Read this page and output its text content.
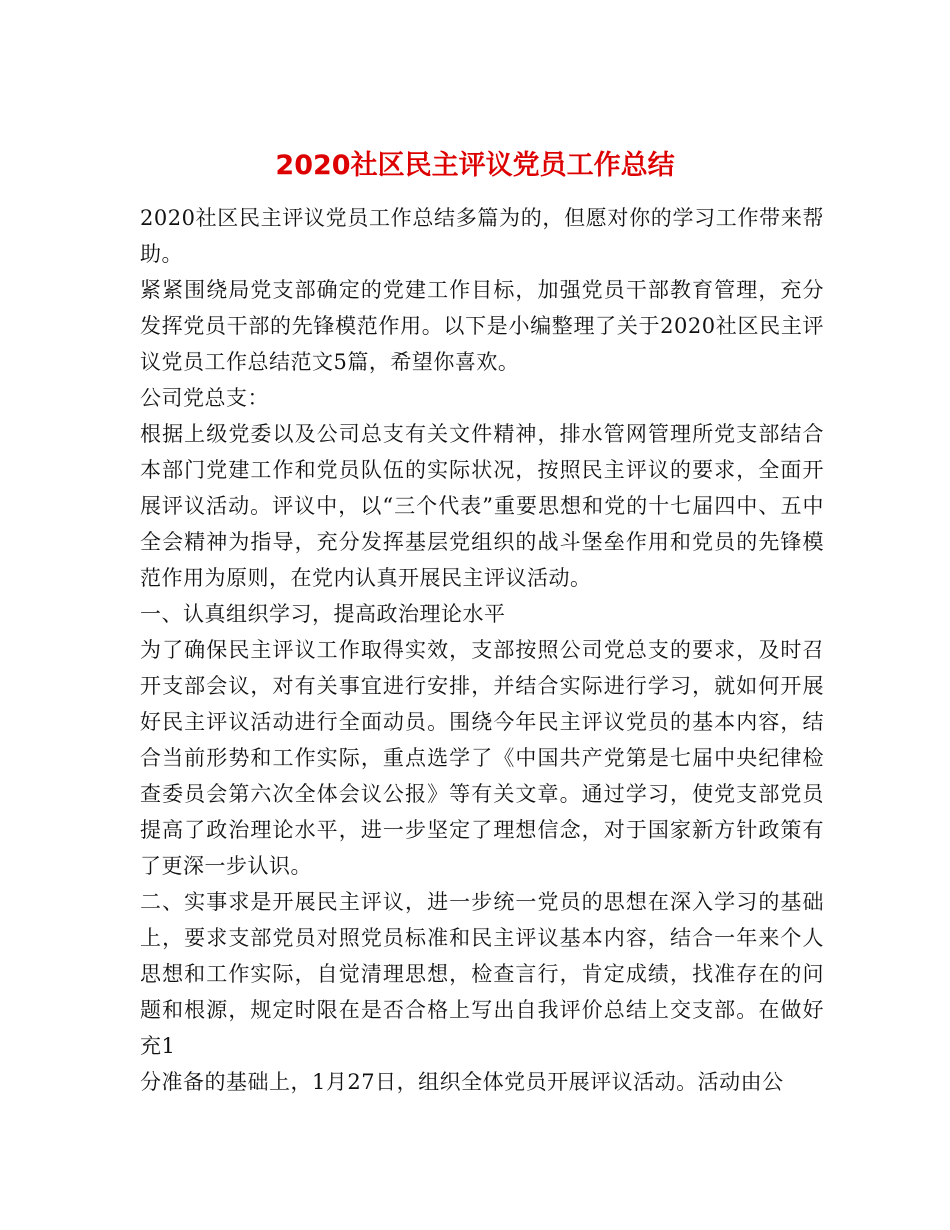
2020社区民主评议党员工作总结

2020社区民主评议党员工作总结多篇为的，但愿对你的学习工作带来帮助。

紧紧围绕局党支部确定的党建工作目标，加强党员干部教育管理，充分发挥党员干部的先锋模范作用。以下是小编整理了关于2020社区民主评议党员工作总结范文5篇，希望你喜欢。

公司党总支：

根据上级党委以及公司总支有关文件精神，排水管网管理所党支部结合本部门党建工作和党员队伍的实际状况，按照民主评议的要求，全面开展评议活动。评议中，以“三个代表”重要思想和党的十七届四中、五中全会精神为指导，充分发挥基层党组织的战斗堡垒作用和党员的先锋模范作用为原则，在党内认真开展民主评议活动。

一、认真组织学习，提高政治理论水平

为了确保民主评议工作取得实效，支部按照公司党总支的要求，及时召开支部会议，对有关事宜进行安排，并结合实际进行学习，就如何开展好民主评议活动进行全面动员。围绕今年民主评议党员的基本内容，结合当前形势和工作实际，重点选学了《中国共产党第是七届中央纪律检查委员会第六次全体会议公报》等有关文章。通过学习，使党支部党员提高了政治理论水平，进一步坚定了理想信念，对于国家新方针政策有了更深一步认识。

二、实事求是开展民主评议，进一步统一党员的思想在深入学习的基础上，要求支部党员对照党员标准和民主评议基本内容，结合一年来个人思想和工作实际，自觉清理思想，检查言行，肯定成绩，找准存在的问题和根源，规定时限在是否合格上写出自我评价总结上交支部。在做好充1

分准备的基础上，1月27日，组织全体党员开展评议活动。活动由公
